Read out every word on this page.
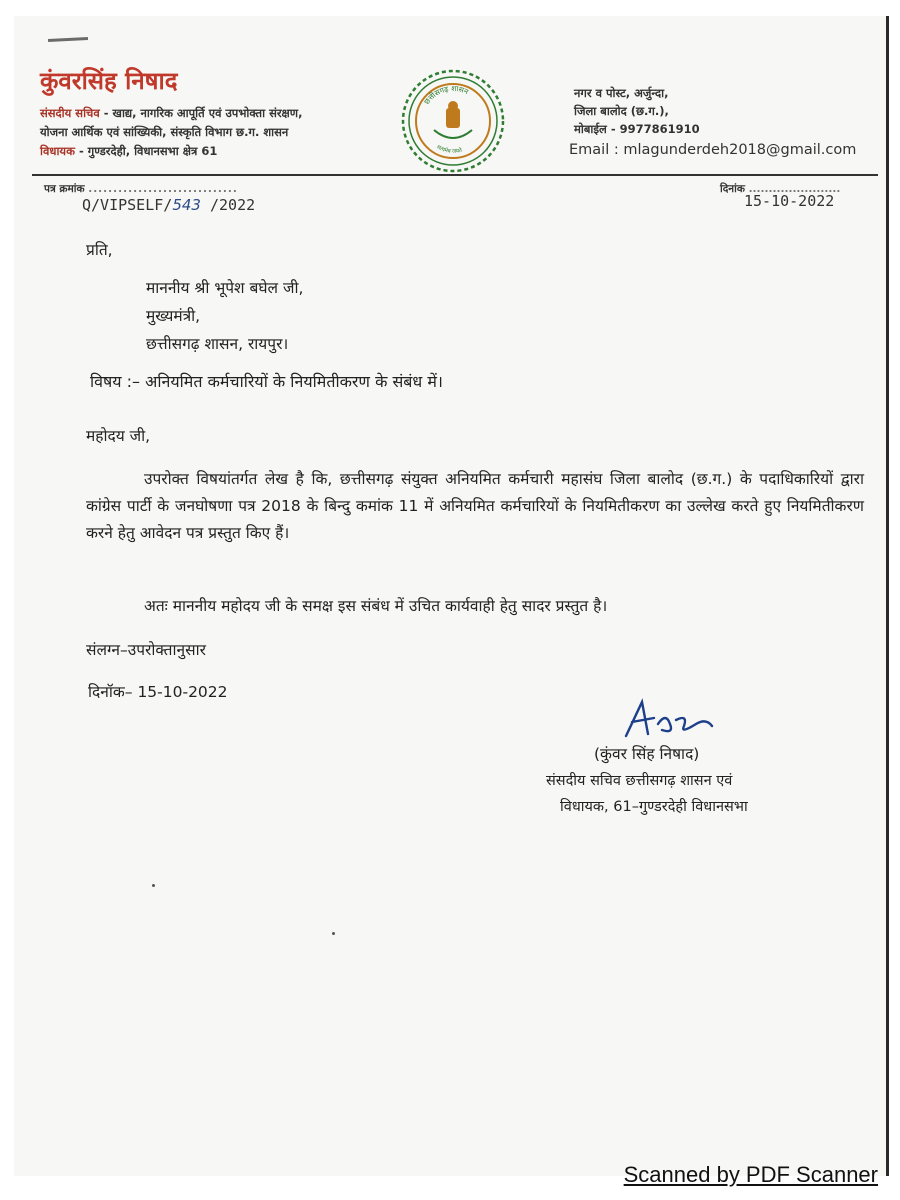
कुंवरसिंह निषाद
संसदीय सचिव - खाद्य, नागरिक आपूर्ति एवं उपभोक्ता संरक्षण,
योजना आर्थिक एवं सांख्यिकी, संस्कृति विभाग छ.ग. शासन
विधायक - गुण्डरदेही, विधानसभा क्षेत्र 61
छत्तीसगढ़ शासन
सत्यमेव जयते
नगर व पोस्ट, अर्जुन्दा,
जिला बालोद (छ.ग.),
मोबाईल - 9977861910
Email : mlagunderdeh2018@gmail.com
पत्र क्रमांक ..............................
Q/VIPSELF/543 /2022
दिनांक .......................
15-10-2022
प्रति,
माननीय श्री भूपेश बघेल जी,
मुख्यमंत्री,
छत्तीसगढ़ शासन, रायपुर।
विषय :– अनियमित कर्मचारियों के नियमितीकरण के संबंध में।
महोदय जी,
उपरोक्त विषयांतर्गत लेख है कि, छत्तीसगढ़ संयुक्त अनियमित कर्मचारी महासंघ जिला बालोद (छ.ग.) के पदाधिकारियों द्वारा कांग्रेस पार्टी के जनघोषणा पत्र 2018 के बिन्दु कमांक 11 में अनियमित कर्मचारियों के नियमितीकरण का उल्लेख करते हुए नियमितीकरण करने हेतु आवेदन पत्र प्रस्तुत किए हैं।
अतः माननीय महोदय जी के समक्ष इस संबंध में उचित कार्यवाही हेतु सादर प्रस्तुत है।
संलग्न–उपरोक्तानुसार
दिनॉक– 15-10-2022
(कुंवर सिंह निषाद)
संसदीय सचिव छत्तीसगढ़ शासन एवं
विधायक, 61–गुण्डरदेही विधानसभा
Scanned by PDF Scanner
